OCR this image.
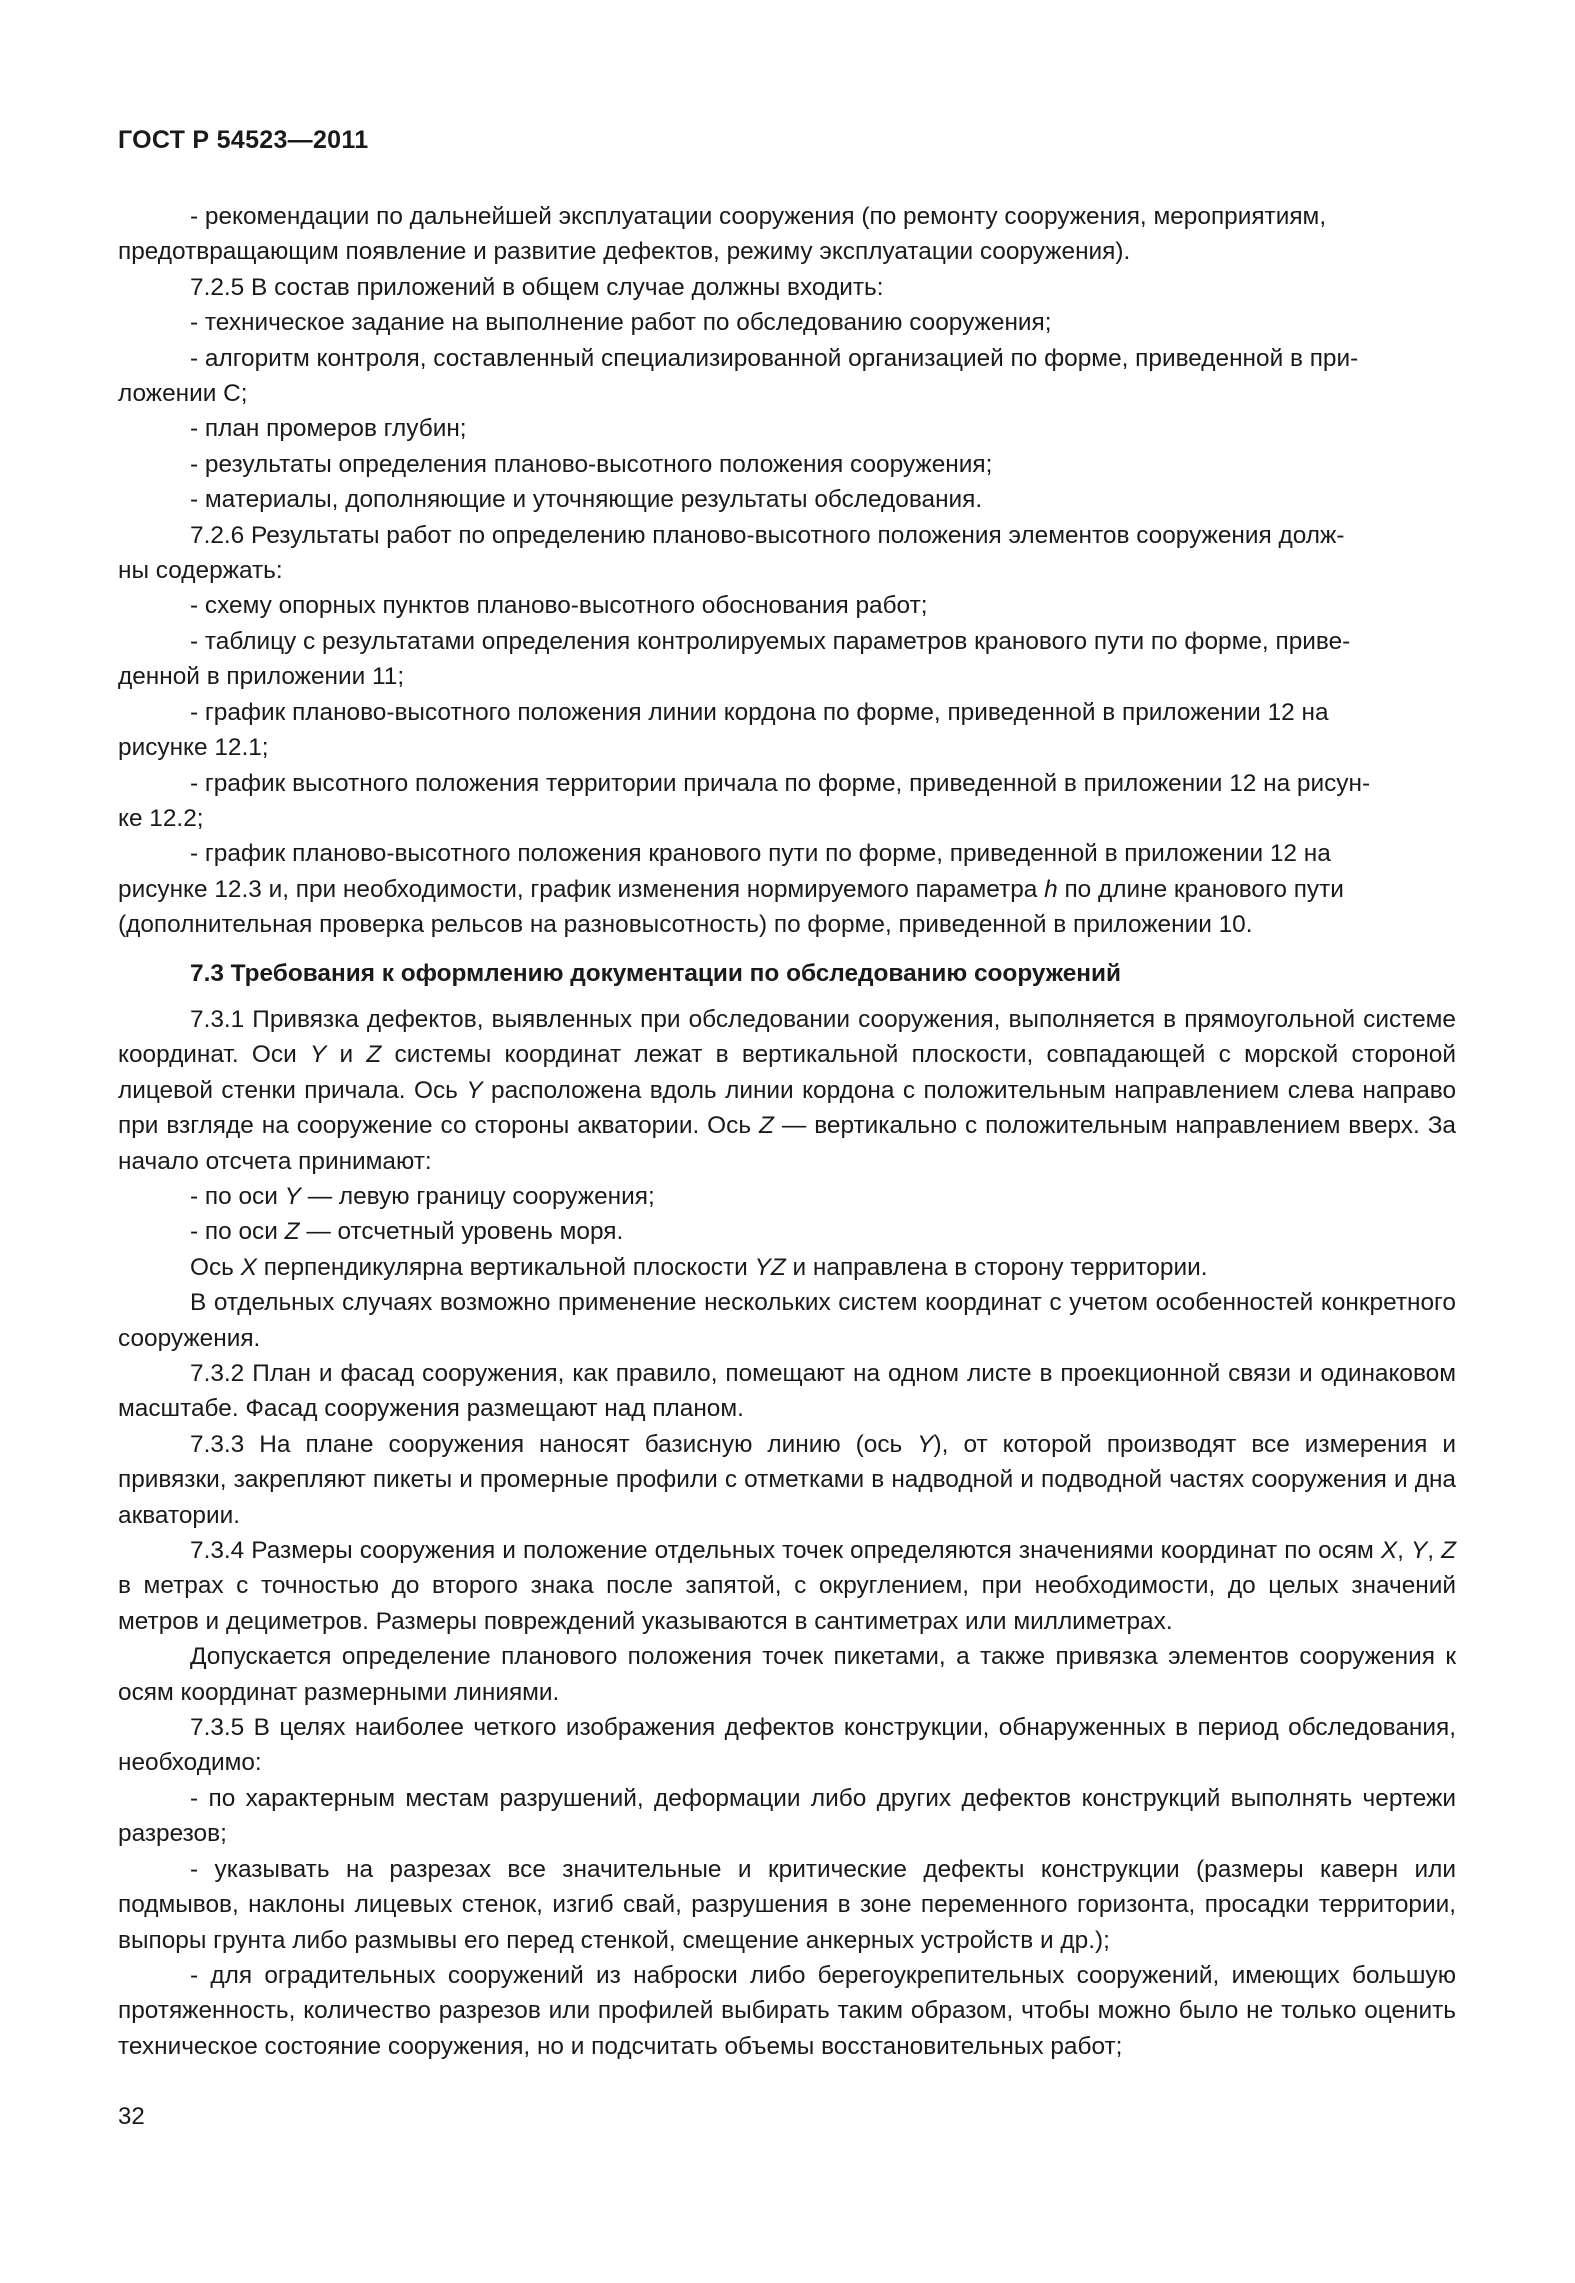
ГОСТ Р 54523—2011

- рекомендации по дальнейшей эксплуатации сооружения (по ремонту сооружения, мероприятиям,
предотвращающим появление и развитие дефектов, режиму эксплуатации сооружения).

7.2.5 В состав приложений в общем случае должны входить:

- техническое задание на выполнение работ по обследованию сооружения;

- алгоритм контроля, составленный специализированной организацией по форме, приведенной в при-
ложении С;

- план промеров глубин;

- результаты определения планово-высотного положения сооружения;

- материалы, дополняющие и уточняющие результаты обследования.

7.2.6 Результаты работ по определению планово-высотного положения элементов сооружения долж-
ны содержать:

- схему опорных пунктов планово-высотного обоснования работ;

- таблицу с результатами определения контролируемых параметров кранового пути по форме, приве-
денной в приложении 11;

- график планово-высотного положения линии кордона по форме, приведенной в приложении 12 на
рисунке 12.1;

- график высотного положения территории причала по форме, приведенной в приложении 12 на рисун-
ке 12.2;

- график планово-высотного положения кранового пути по форме, приведенной в приложении 12 на
рисунке 12.3 и, при необходимости, график изменения нормируемого параметра h по длине кранового пути
(дополнительная проверка рельсов на разновысотность) по форме, приведенной в приложении 10.

7.3 Требования к оформлению документации по обследованию сооружений

7.3.1 Привязка дефектов, выявленных при обследовании сооружения, выполняется в прямоугольной системе координат. Оси Y и Z системы координат лежат в вертикальной плоскости, совпадающей с морской стороной лицевой стенки причала. Ось Y расположена вдоль линии кордона с положительным направлением слева направо при взгляде на сооружение со стороны акватории. Ось Z — вертикально с положительным направлением вверх. За начало отсчета принимают:

- по оси Y — левую границу сооружения;

- по оси Z — отсчетный уровень моря.

Ось X перпендикулярна вертикальной плоскости YZ и направлена в сторону территории.

В отдельных случаях возможно применение нескольких систем координат с учетом особенностей конкретного сооружения.

7.3.2 План и фасад сооружения, как правило, помещают на одном листе в проекционной связи и одинаковом масштабе. Фасад сооружения размещают над планом.

7.3.3 На плане сооружения наносят базисную линию (ось Y), от которой производят все измерения и привязки, закрепляют пикеты и промерные профили с отметками в надводной и подводной частях сооружения и дна акватории.

7.3.4 Размеры сооружения и положение отдельных точек определяются значениями координат по осям X, Y, Z в метрах с точностью до второго знака после запятой, с округлением, при необходимости, до целых значений метров и дециметров. Размеры повреждений указываются в сантиметрах или миллиметрах.

Допускается определение планового положения точек пикетами, а также привязка элементов сооружения к осям координат размерными линиями.

7.3.5 В целях наиболее четкого изображения дефектов конструкции, обнаруженных в период обследования, необходимо:

- по характерным местам разрушений, деформации либо других дефектов конструкций выполнять чертежи разрезов;

- указывать на разрезах все значительные и критические дефекты конструкции (размеры каверн или подмывов, наклоны лицевых стенок, изгиб свай, разрушения в зоне переменного горизонта, просадки территории, выпоры грунта либо размывы его перед стенкой, смещение анкерных устройств и др.);

- для оградительных сооружений из наброски либо берегоукрепительных сооружений, имеющих большую протяженность, количество разрезов или профилей выбирать таким образом, чтобы можно было не только оценить техническое состояние сооружения, но и подсчитать объемы восстановительных работ;

32
